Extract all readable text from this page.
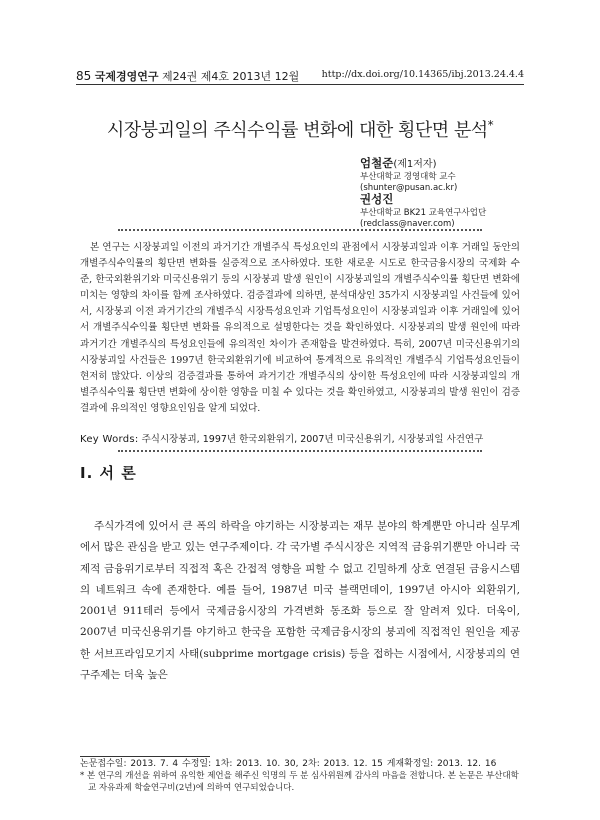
85 국제경영연구 제24권 제4호 2013년 12월 http://dx.doi.org/10.14365/ibj.2013.24.4.4
시장붕괴일의 주식수익률 변화에 대한 횡단면 분석*
엄철준(제1저자)
부산대학교 경영대학 교수
(shunter@pusan.ac.kr)
권성진
부산대학교 BK21 교육연구사업단
(redclass@naver.com)

본 연구는 시장붕괴일 이전의 과거기간 개별주식 특성요인의 관점에서 시장붕괴일과 이후 거래일 동안의 개별주식수익률의 횡단면 변화를 실증적으로 조사하였다. 또한 새로운 시도로 한국금융시장의 국제화 수준, 한국외환위기와 미국신용위기 등의 시장붕괴 발생 원인이 시장붕괴일의 개별주식수익률 횡단면 변화에 미치는 영향의 차이를 함께 조사하였다. 검증결과에 의하면, 분석대상인 35가지 시장붕괴일 사건들에 있어서, 시장붕괴 이전 과거기간의 개별주식 시장특성요인과 기업특성요인이 시장붕괴일과 이후 거래일에 있어서 개별주식수익률 횡단면 변화를 유의적으로 설명한다는 것을 확인하였다. 시장붕괴의 발생 원인에 따라 과거기간 개별주식의 특성요인들에 유의적인 차이가 존재함을 발견하였다. 특히, 2007년 미국신용위기의 시장붕괴일 사건들은 1997년 한국외환위기에 비교하여 통계적으로 유의적인 개별주식 기업특성요인들이 현저히 많았다. 이상의 검증결과를 통하여 과거기간 개별주식의 상이한 특성요인에 따라 시장붕괴일의 개별주식수익률 횡단면 변화에 상이한 영향을 미칠 수 있다는 것을 확인하였고, 시장붕괴의 발생 원인이 검증결과에 유의적인 영향요인임을 알게 되었다.

Key Words: 주식시장붕괴, 1997년 한국외환위기, 2007년 미국신용위기, 시장붕괴일 사건연구
Ⅰ. 서 론

주식가격에 있어서 큰 폭의 하락을 야기하는 시장붕괴는 재무 분야의 학계뿐만 아니라 실무계에서 많은 관심을 받고 있는 연구주제이다. 각 국가별 주식시장은 지역적 금융위기뿐만 아니라 국제적 금융위기로부터 직접적 혹은 간접적 영향을 피할 수 없고 긴밀하게 상호 연결된 금융시스템의 네트워크 속에 존재한다. 예를 들어, 1987년 미국 블랙먼데이, 1997년 아시아 외환위기, 2001년 911테러 등에서 국제금융시장의 가격변화 동조화 등으로 잘 알려져 있다. 더욱이, 2007년 미국신용위기를 야기하고 한국을 포함한 국제금융시장의 붕괴에 직접적인 원인을 제공한 서브프라임모기지 사태(subprime mortgage crisis) 등을 접하는 시점에서, 시장붕괴의 연구주제는 더욱 높은

논문접수일: 2013. 7. 4 수정일: 1차: 2013. 10. 30, 2차: 2013. 12. 15 게재확정일: 2013. 12. 16
* 본 연구의 개선을 위하여 유익한 제언을 해주신 익명의 두 분 심사위원께 감사의 마음을 전합니다. 본 논문은 부산대학교 자유과제 학술연구비(2년)에 의하여 연구되었습니다.
